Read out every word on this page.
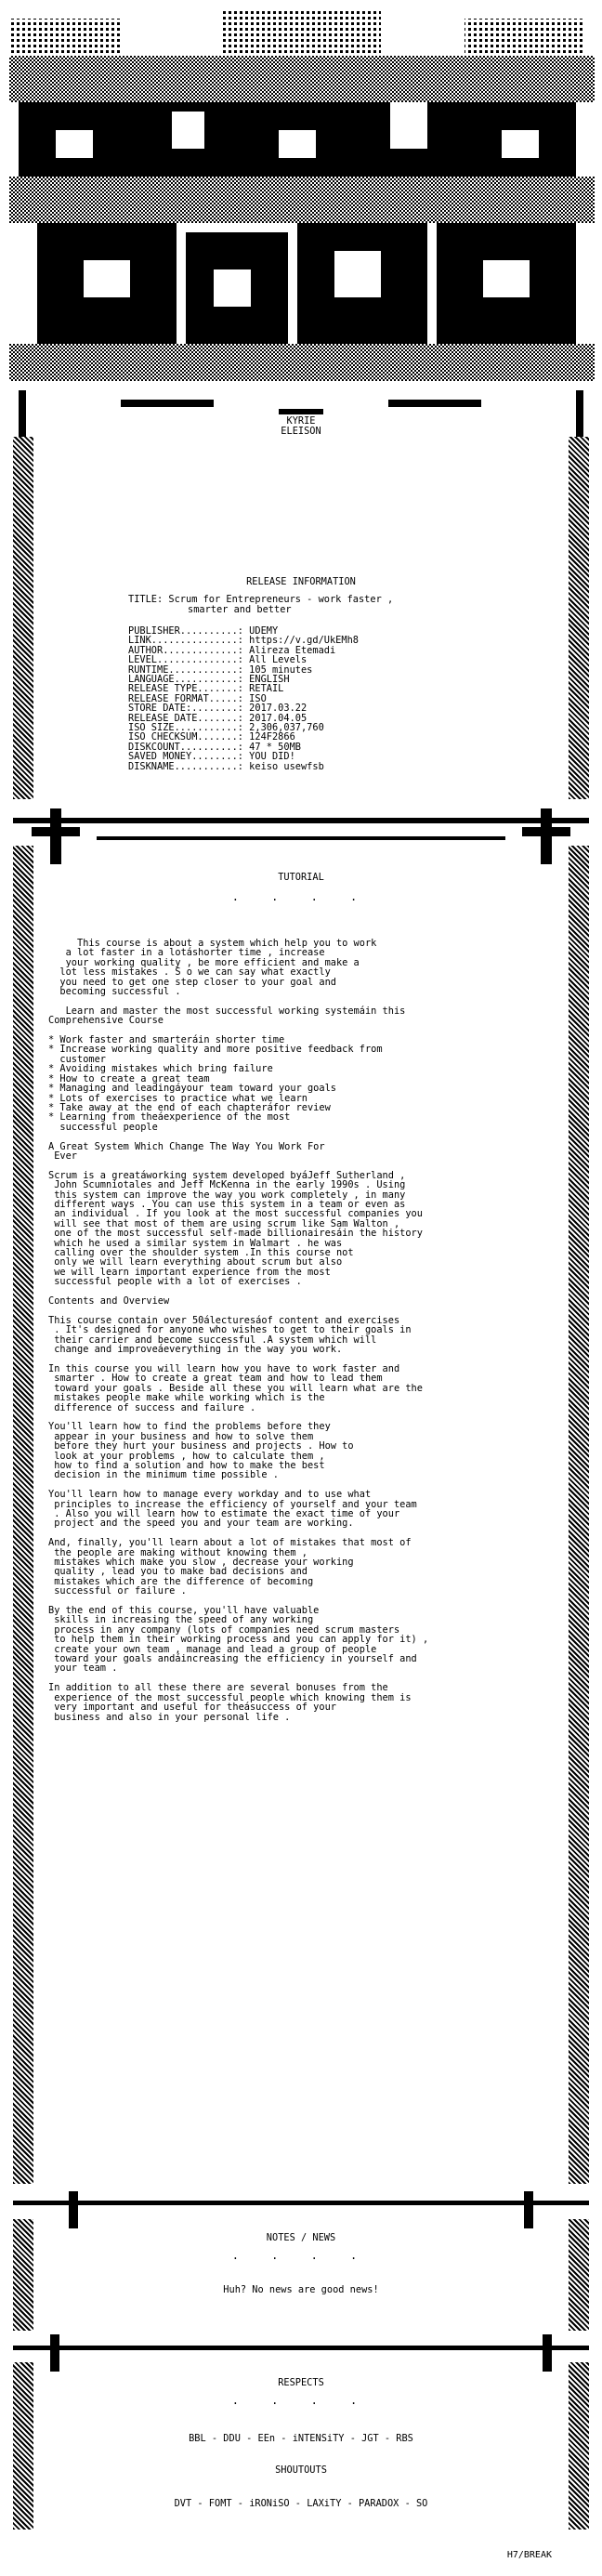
KYRIE
ELEISON
RELEASE INFORMATION
TITLE: Scrum for Entrepreneurs - work faster ,
smarter and better
PUBLISHER..........: UDEMY
LINK...............: https://v.gd/UkEMh8
AUTHOR.............: Alireza Etemadi
LEVEL..............: All Levels
RUNTIME............: 105 minutes
LANGUAGE...........: ENGLISH
RELEASE TYPE.......: RETAIL
RELEASE FORMAT.....: ISO
STORE DATE:........: 2017.03.22
RELEASE DATE.......: 2017.04.05
ISO SIZE...........: 2,306,037,760
ISO CHECKSUM.......: 124F2866
DISKCOUNT..........: 47 * 50MB
SAVED MONEY........: YOU DID!
DISKNAME...........: keiso_usewfsb
TUTORIAL
. . . .
This course is about a system which help you to work
a lot faster in a lotáshorter time , increase
your working quality , be more efficient and make a
lot less mistakes . S o we can say what exactly
you need to get one step closer to your goal and
becoming successful .

Learn and master the most successful working systemáin this
Comprehensive Course

* Work faster and smarteráin shorter time
* Increase working quality and more positive feedback from
customer
* Avoiding mistakes which bring failure
* How to create a great team
* Managing and leadingáyour team toward your goals
* Lots of exercises to practice what we learn
* Take away at the end of each chapteráfor review
* Learning from theáexperience of the most
successful people

A Great System Which Change The Way You Work For
Ever

Scrum is a greatáworking system developed byáJeff Sutherland ,
John Scumniotales and Jeff McKenna in the early 1990s . Using
this system can improve the way you work completely , in many
different ways . You can use this system in a team or even as
an individual . If you look at the most successful companies you
will see that most of them are using scrum like Sam Walton ,
one of the most successful self-made billionairesáin the history
which he used a similar system in Walmart . he was
calling over the shoulder system .In this course not
only we will learn everything about scrum but also
we will learn important experience from the most
successful people with a lot of exercises .

Contents and Overview

This course contain over 50álecturesáof content and exercises
. It's designed for anyone who wishes to get to their goals in
their carrier and become successful .A system which will
change and improveáeverything in the way you work.

In this course you will learn how you have to work faster and
smarter . How to create a great team and how to lead them
toward your goals . Beside all these you will learn what are the
mistakes people make while working which is the
difference of success and failure .

You'll learn how to find the problems before they
appear in your business and how to solve them
before they hurt your business and projects . How to
look at your problems , how to calculate them ,
how to find a solution and how to make the best
decision in the minimum time possible .

You'll learn how to manage every workday and to use what
principles to increase the efficiency of yourself and your team
. Also you will learn how to estimate the exact time of your
project and the speed you and your team are working.

And, finally, you'll learn about a lot of mistakes that most of
the people are making without knowing them ,
mistakes which make you slow , decrease your working
quality , lead you to make bad decisions and
mistakes which are the difference of becoming
successful or failure .

By the end of this course, you'll have valuable
skills in increasing the speed of any working
process in any company (lots of companies need scrum masters
to help them in their working process and you can apply for it) ,
create your own team , manage and lead a group of people
toward your goals andáincreasing the efficiency in yourself and
your team .

In addition to all these there are several bonuses from the
experience of the most successful people which knowing them is
very important and useful for theásuccess of your
business and also in your personal life .
NOTES / NEWS
. . . .
Huh? No news are good news!
RESPECTS
. . . .
BBL - DDU - EEn - iNTENSiTY - JGT - RBS
SHOUTOUTS
DVT - FOMT - iRONiSO - LAXiTY - PARADOX - SO
H7/BREAK
